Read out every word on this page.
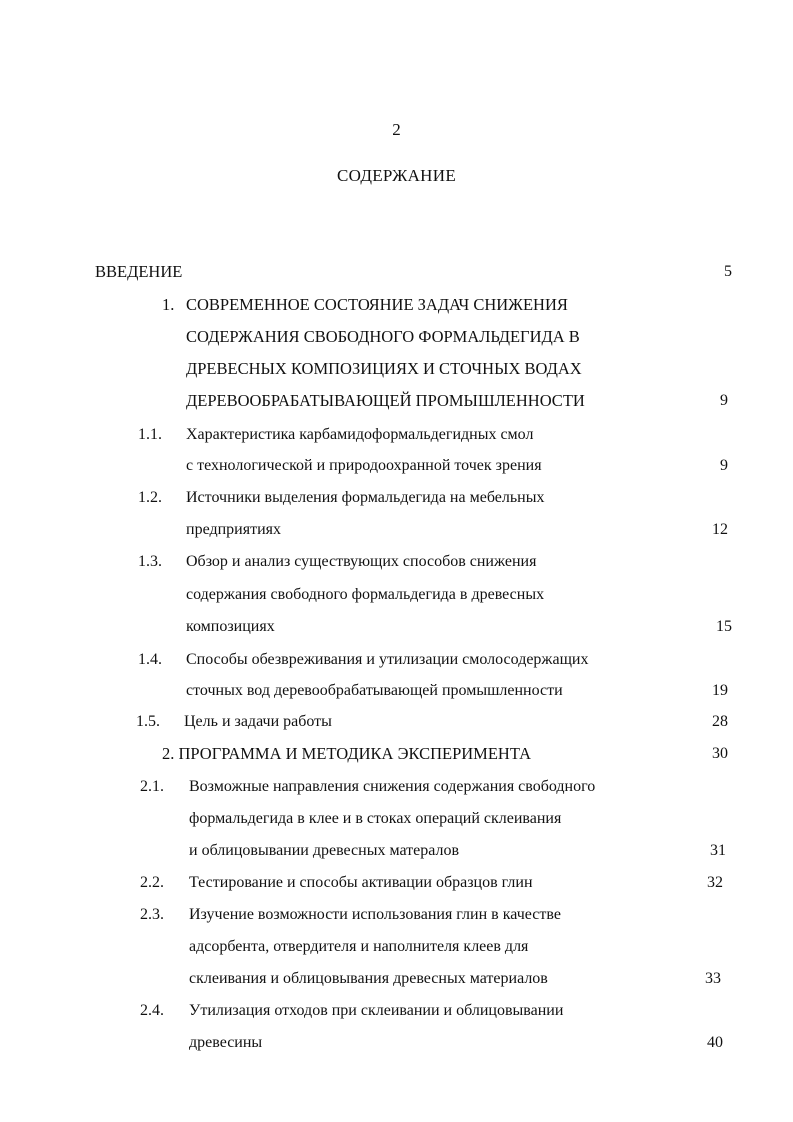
2
СОДЕРЖАНИЕ
ВВЕДЕНИЕ	5
1. СОВРЕМЕННОЕ СОСТОЯНИЕ ЗАДАЧ СНИЖЕНИЯ
СОДЕРЖАНИЯ СВОБОДНОГО ФОРМАЛЬДЕГИДА В
ДРЕВЕСНЫХ КОМПОЗИЦИЯХ И СТОЧНЫХ ВОДАХ
ДЕРЕВООБРАБАТЫВАЮЩЕЙ ПРОМЫШЛЕННОСТИ	9
1.1. Характеристика карбамидоформальдегидных смол
с технологической и природоохранной точек зрения	9
1.2. Источники выделения формальдегида на мебельных
предприятиях	12
1.3. Обзор и анализ существующих способов снижения
содержания свободного формальдегида в древесных
композициях	15
1.4. Способы обезвреживания и утилизации смолосодержащих
сточных вод деревообрабатывающей промышленности	19
1.5. Цель и задачи работы	28
2. ПРОГРАММА И МЕТОДИКА ЭКСПЕРИМЕНТА	30
2.1. Возможные направления снижения содержания свободного
формальдегида в клее и в стоках операций склеивания
и облицовывании древесных матералов	31
2.2. Тестирование и способы активации образцов глин	32
2.3. Изучение возможности использования глин в качестве
адсорбента, отвердителя и наполнителя клеев для
склеивания и облицовывания древесных материалов	33
2.4. Утилизация отходов при склеивании и облицовывании
древесины	40
